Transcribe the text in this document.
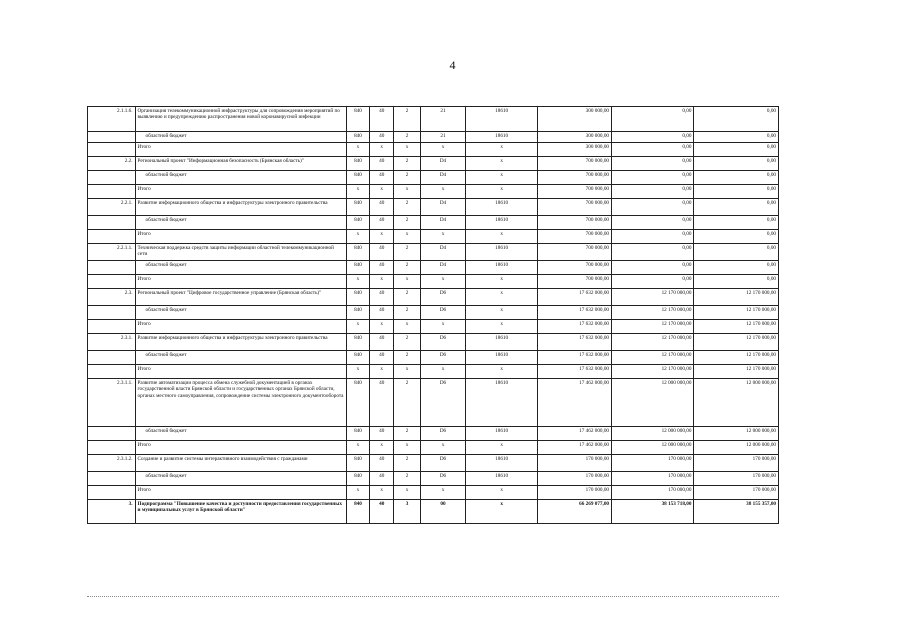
4
2.1.1.6.	Организация телекоммуникационной инфраструктуры для сопровождения мероприятий по выявлению и предупреждению распространения новой коронавирусной инфекции	840	40	2	21	18610	300 000,00	0,00	0,00
	областной бюджет	840	40	2	21	18610	300 000,00	0,00	0,00
	Итого	x	x	x	x	x	300 000,00	0,00	0,00
2.2.	Региональный проект "Информационная безопасность (Брянская область)"	840	40	2	D4	x	700 000,00	0,00	0,00
	областной бюджет	840	40	2	D4	x	700 000,00	0,00	0,00
	Итого	x	x	x	x	x	700 000,00	0,00	0,00
2.2.1.	Развитие информационного общества и инфраструктуры электронного правительства	840	40	2	D4	18610	700 000,00	0,00	0,00
	областной бюджет	840	40	2	D4	18610	700 000,00	0,00	0,00
	Итого	x	x	x	x	x	700 000,00	0,00	0,00
2.2.1.1.	Техническая поддержка средств защиты информации областной телекоммуникационной сети	840	40	2	D4	18610	700 000,00	0,00	0,00
	областной бюджет	840	40	2	D4	18610	700 000,00	0,00	0,00
	Итого	x	x	x	x	x	700 000,00	0,00	0,00
2.3.	Региональный проект "Цифровое государственное управление (Брянская область)"	840	40	2	D6	x	17 632 000,00	12 170 000,00	12 170 000,00
	областной бюджет	840	40	2	D6	x	17 632 000,00	12 170 000,00	12 170 000,00
	Итого	x	x	x	x	x	17 632 000,00	12 170 000,00	12 170 000,00
2.3.1.	Развитие информационного общества и инфраструктуры электронного правительства	840	40	2	D6	18610	17 632 000,00	12 170 000,00	12 170 000,00
	областной бюджет	840	40	2	D6	18610	17 632 000,00	12 170 000,00	12 170 000,00
	Итого	x	x	x	x	x	17 632 000,00	12 170 000,00	12 170 000,00
2.3.1.1.	Развитие автоматизации процесса обмена служебной документацией в органах государственной власти Брянской области и государственных органах Брянской области, органах местного самоуправления, сопровождение системы электронного документооборота	840	40	2	D6	18610	17 462 000,00	12 000 000,00	12 000 000,00
	областной бюджет	840	40	2	D6	18610	17 462 000,00	12 000 000,00	12 000 000,00
	Итого	x	x	x	x	x	17 462 000,00	12 000 000,00	12 000 000,00
2.3.1.2.	Создание и развитие системы интерактивного взаимодействия с гражданами	840	40	2	D6	18610	170 000,00	170 000,00	170 000,00
	областной бюджет	840	40	2	D6	18610	170 000,00	170 000,00	170 000,00
	Итого	x	x	x	x	x	170 000,00	170 000,00	170 000,00
3.	Подпрограмма "Повышение качества и доступности предоставления государственных и муниципальных услуг в Брянской области"	840	40	3	00	x	66 269 077,00	38 153 718,00	38 155 357,00
